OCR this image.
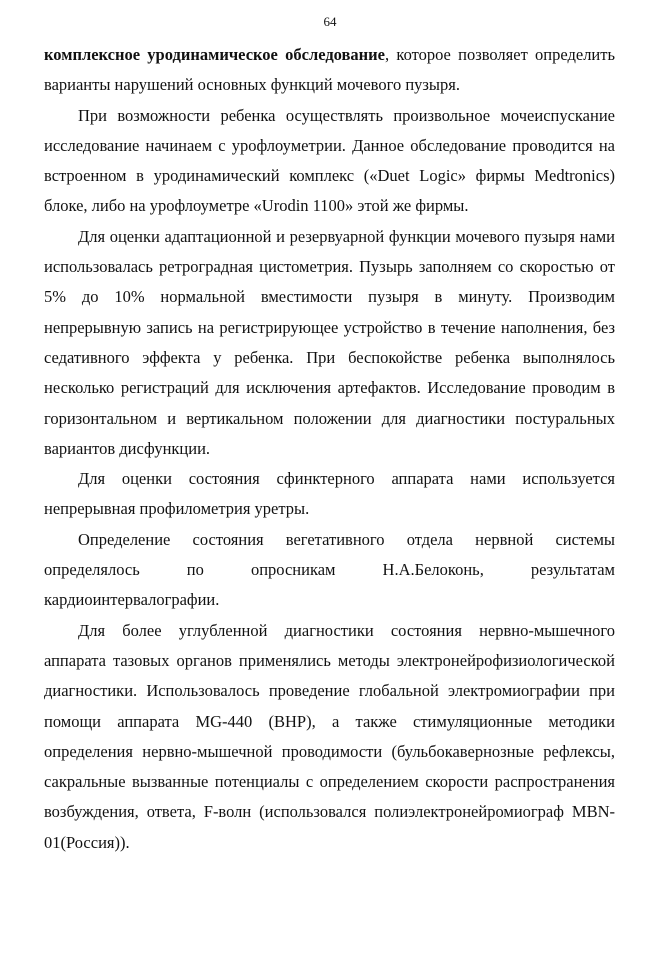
64

комплексное уродинамическое обследование, которое позволяет определить варианты нарушений основных функций мочевого пузыря.

При возможности ребенка осуществлять произвольное мочеиспускание исследование начинаем с урофлоуметрии. Данное обследование проводится на встроенном в уродинамический комплекс («Duet Logic» фирмы Medtronics) блоке, либо на урофлоуметре «Urodin 1100» этой же фирмы.

Для оценки адаптационной и резервуарной функции мочевого пузыря нами использовалась ретроградная цистометрия. Пузырь заполняем со скоростью от 5% до 10% нормальной вместимости пузыря в минуту. Производим непрерывную запись на регистрирующее устройство в течение наполнения, без седативного эффекта у ребенка. При беспокойстве ребенка выполнялось несколько регистраций для исключения артефактов. Исследование проводим в горизонтальном и вертикальном положении для диагностики постуральных вариантов дисфункции.

Для оценки состояния сфинктерного аппарата нами используется непрерывная профилометрия уретры.

Определение состояния вегетативного отдела нервной системы определялось по опросникам Н.А.Белоконь, результатам кардиоинтервалографии.

Для более углубленной диагностики состояния нервно-мышечного аппарата тазовых органов применялись методы электронейрофизиологической диагностики. Использовалось проведение глобальной электромиографии при помощи аппарата MG-440 (ВНР), а также стимуляционные методики определения нервно-мышечной проводимости (бульбокавернозные рефлексы, сакральные вызванные потенциалы с определением скорости распространения возбуждения, ответа, F-волн (использовался полиэлектронейромиограф MBN-01(Россия)).
